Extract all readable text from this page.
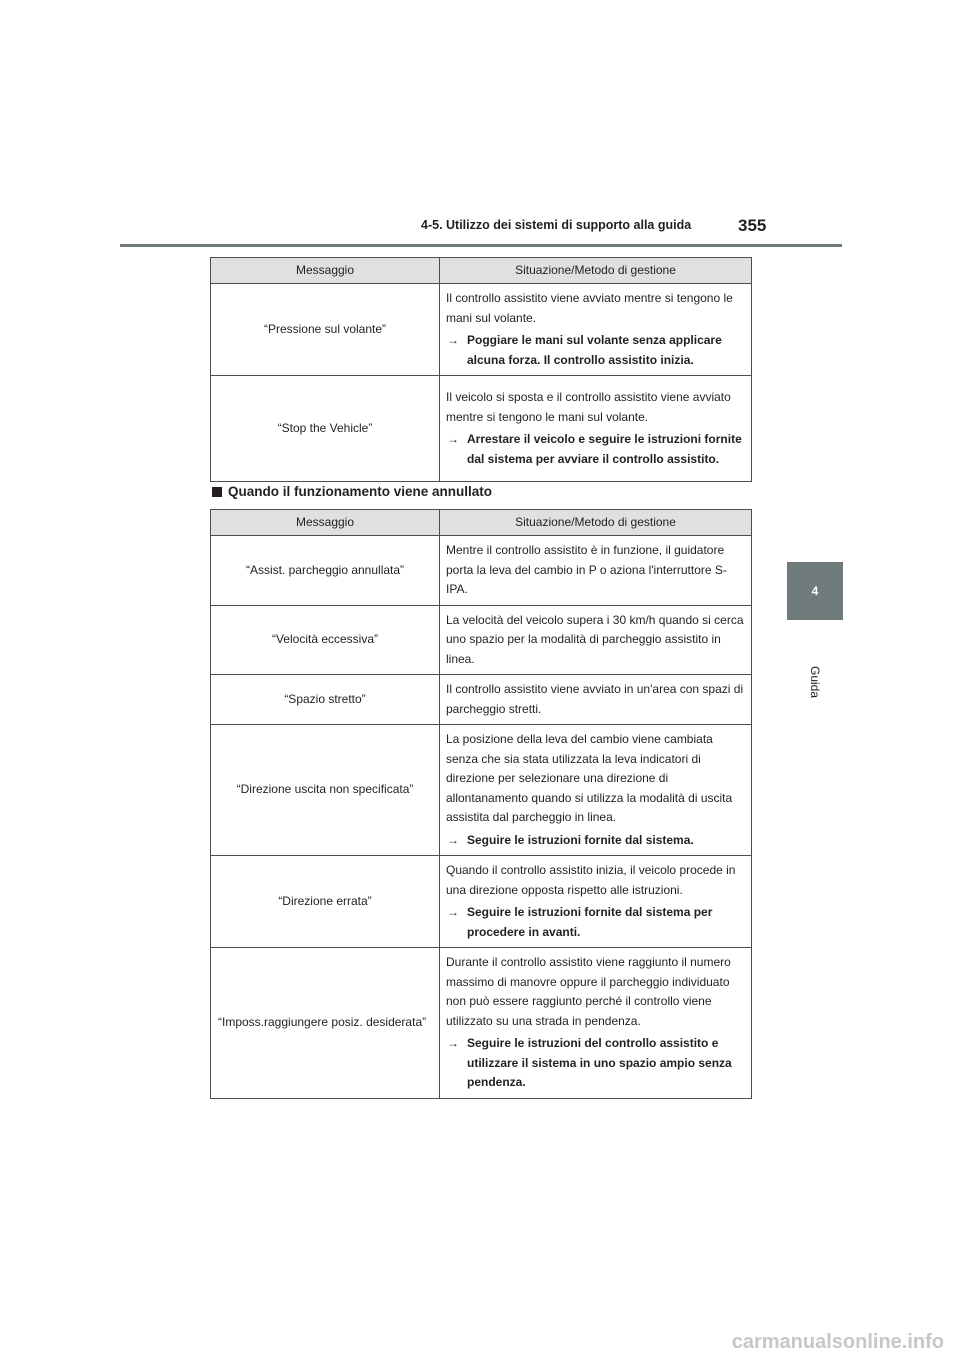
4-5. Utilizzo dei sistemi di supporto alla guida	355
4
Guida
Messaggio	Situazione/Metodo di gestione
“Pressione sul volante”	Il controllo assistito viene avviato mentre si tengono le mani sul volante.
→ Poggiare le mani sul volante senza applicare alcuna forza. Il controllo assistito inizia.

“Stop the Vehicle”	Il veicolo si sposta e il controllo assistito viene avviato mentre si tengono le mani sul volante.
→ Arrestare il veicolo e seguire le istruzioni fornite dal sistema per avviare il controllo assistito.
Quando il funzionamento viene annullato
Messaggio	Situazione/Metodo di gestione
“Assist. parcheggio annullata”	Mentre il controllo assistito è in funzione, il guidatore porta la leva del cambio in P o aziona l'interruttore S-IPA.

“Velocità eccessiva”	La velocità del veicolo supera i 30 km/h quando si cerca uno spazio per la modalità di parcheggio assistito in linea.

“Spazio stretto”	Il controllo assistito viene avviato in un'area con spazi di parcheggio stretti.

“Direzione uscita non specificata”	La posizione della leva del cambio viene cambiata senza che sia stata utilizzata la leva indicatori di direzione per selezionare una direzione di allontanamento quando si utilizza la modalità di uscita assistita dal parcheggio in linea.
→ Seguire le istruzioni fornite dal sistema.

“Direzione errata”	Quando il controllo assistito inizia, il veicolo procede in una direzione opposta rispetto alle istruzioni.
→ Seguire le istruzioni fornite dal sistema per procedere in avanti.

“Imposs.raggiungere posiz. desiderata”	Durante il controllo assistito viene raggiunto il numero massimo di manovre oppure il parcheggio individuato non può essere raggiunto perché il controllo viene utilizzato su una strada in pendenza.
→ Seguire le istruzioni del controllo assistito e utilizzare il sistema in uno spazio ampio senza pendenza.
carmanualsonline.info
